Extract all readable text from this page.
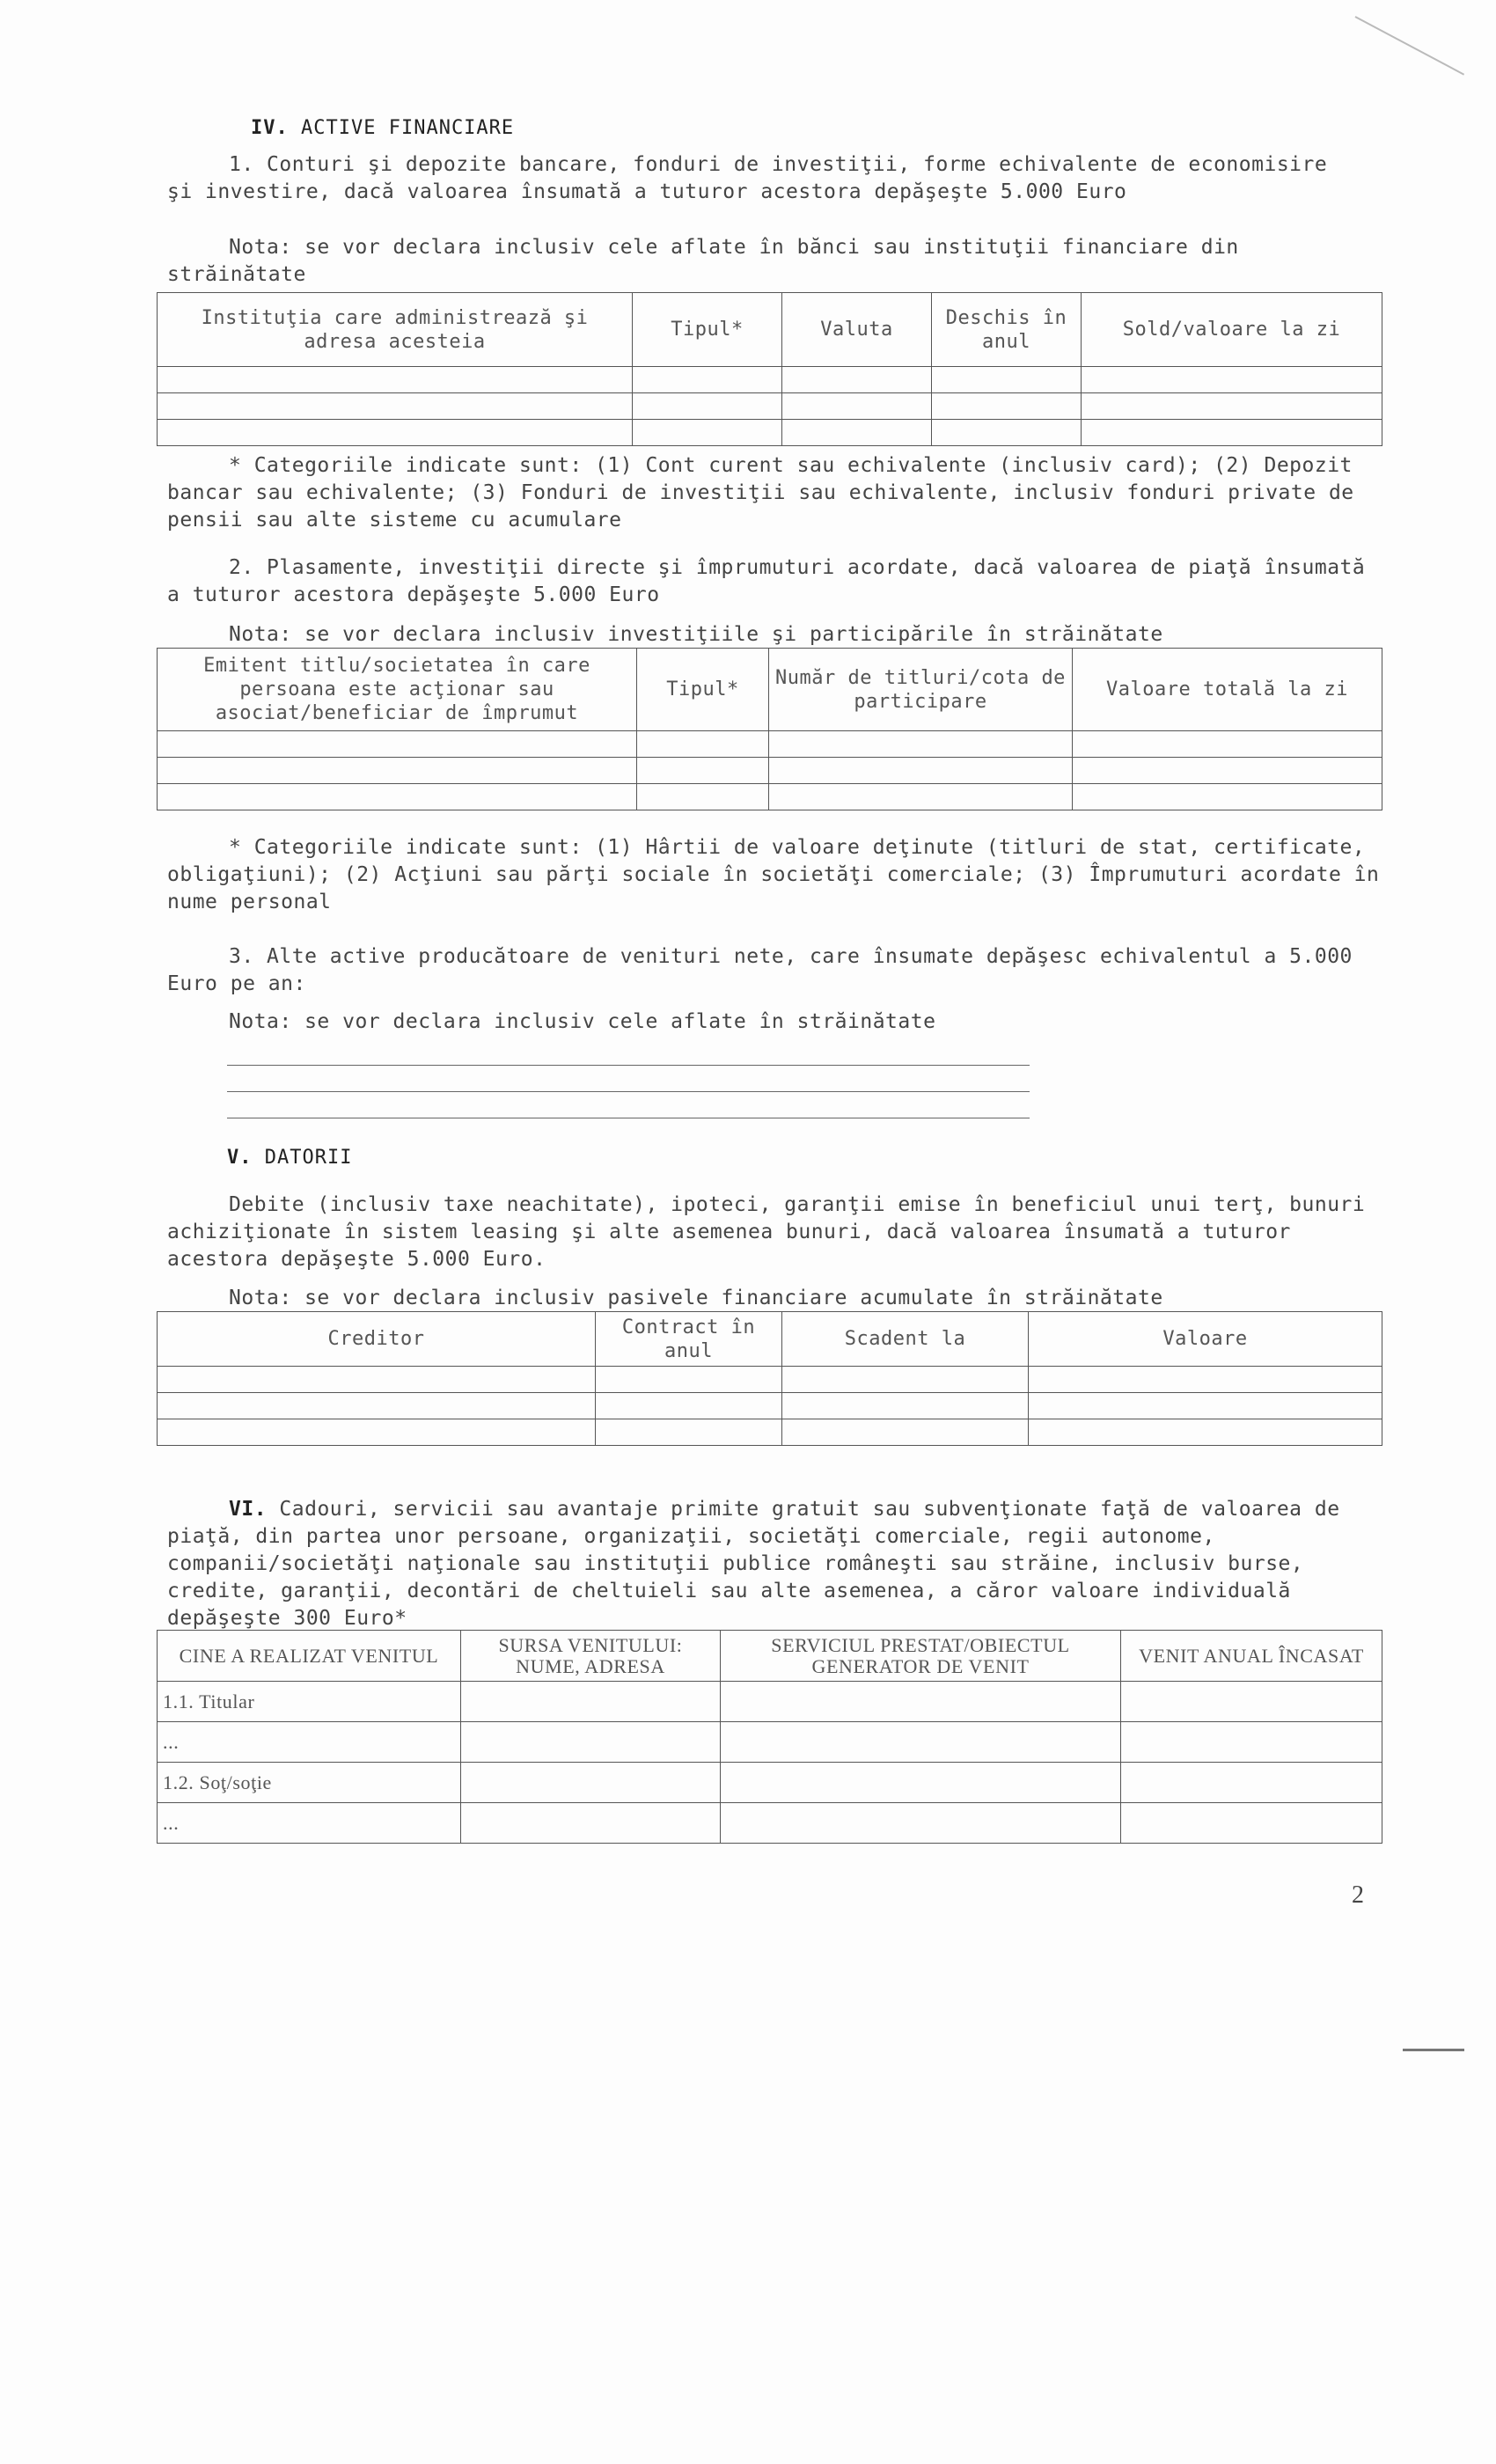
IV. ACTIVE FINANCIARE

1. Conturi şi depozite bancare, fonduri de investiţii, forme echivalente de economisire şi investire, dacă valoarea însumată a tuturor acestora depăşeşte 5.000 Euro

Nota: se vor declara inclusiv cele aflate în bănci sau instituţii financiare din străinătate

Instituţia care administrează şi adresa acesteia	Tipul*	Valuta	Deschis în anul	Sold/valoare la zi

* Categoriile indicate sunt: (1) Cont curent sau echivalente (inclusiv card); (2) Depozit bancar sau echivalente; (3) Fonduri de investiţii sau echivalente, inclusiv fonduri private de pensii sau alte sisteme cu acumulare

2. Plasamente, investiţii directe şi împrumuturi acordate, dacă valoarea de piaţă însumată a tuturor acestora depăşeşte 5.000 Euro

Nota: se vor declara inclusiv investiţiile şi participările în străinătate

Emitent titlu/societatea în care persoana este acţionar sau asociat/beneficiar de împrumut	Tipul*	Număr de titluri/cota de participare	Valoare totală la zi

* Categoriile indicate sunt: (1) Hârtii de valoare deţinute (titluri de stat, certificate, obligaţiuni); (2) Acţiuni sau părţi sociale în societăţi comerciale; (3) Împrumuturi acordate în nume personal

3. Alte active producătoare de venituri nete, care însumate depăşesc echivalentul a 5.000 Euro pe an:

Nota: se vor declara inclusiv cele aflate în străinătate

V. DATORII

Debite (inclusiv taxe neachitate), ipoteci, garanţii emise în beneficiul unui terţ, bunuri achiziţionate în sistem leasing şi alte asemenea bunuri, dacă valoarea însumată a tuturor acestora depăşeşte 5.000 Euro.

Nota: se vor declara inclusiv pasivele financiare acumulate în străinătate

Creditor	Contract în anul	Scadent la	Valoare

VI. Cadouri, servicii sau avantaje primite gratuit sau subvenţionate faţă de valoarea de piaţă, din partea unor persoane, organizaţii, societăţi comerciale, regii autonome, companii/societăţi naţionale sau instituţii publice româneşti sau străine, inclusiv burse, credite, garanţii, decontări de cheltuieli sau alte asemenea, a căror valoare individuală depăşeşte 300 Euro*
CINE A REALIZAT VENITUL	SURSA VENITULUI: NUME, ADRESA	SERVICIUL PRESTAT/OBIECTUL GENERATOR DE VENIT	VENIT ANUAL ÎNCASAT
1.1. Titular			
...			
1.2. Soţ/soţie			
...			
2
